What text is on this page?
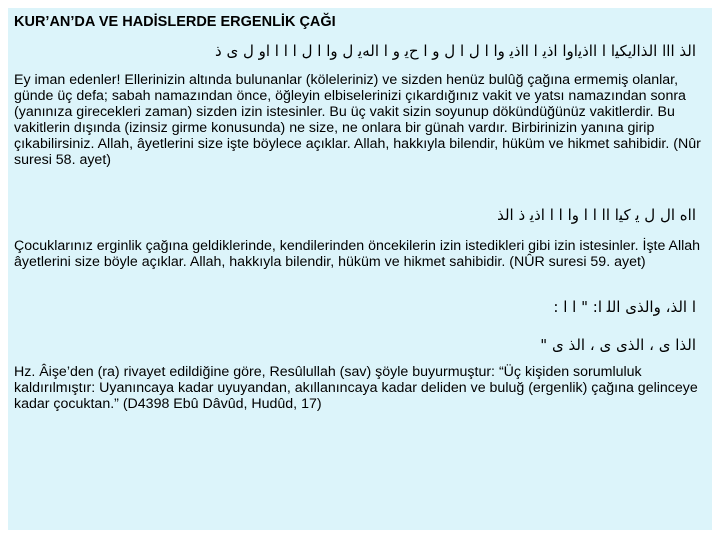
KUR’AN’DA VE HADİSLERDE ERGENLİK ÇAĞI
ﺍﻟﺬ ﺍﺍﺍ ﺍﻟﺬﺍﻟﻳﻜﻴﺍ ﺍ ﺍﺍﺫﻳﺍﻭﺍ ﺍﺫﻳ ﺍ ﺍﺍﺫﻳ ﻭﺍ ﺍ ﻝ ﺍ ﻝ ﻭ ﺍ ﺡﻳ ﻭ ﺍ ﺍﻟﻪﻳ ﻝ ﻭﺍ ﺍ ﻝ ﺍ ﺍ ﺍ ﺍﻭ ﻝ ﻯ ﺫ

Ey iman edenler! Ellerinizin altında bulunanlar (köleleriniz) ve sizden henüz bulûğ çağına ermemiş olanlar, günde üç defa; sabah namazından önce, öğleyin elbiselerinizi çıkardığınız vakit ve yatsı namazından sonra (yanınıza girecekleri zaman) sizden izin istesinler. Bu üç vakit sizin soyunup dökündüğünüz vakitlerdir. Bu vakitlerin dışında (izinsiz girme konusunda) ne size, ne onlara bir günah vardır. Birbirinizin yanına girip çıkabilirsiniz. Allah, âyetlerini size işte böylece açıklar. Allah, hakkıyla bilendir, hüküm ve hikmet sahibidir. (Nûr suresi 58. ayet)

ﺍﺍﻩ ﺍﻝ ﻝ ﻳ ﻛﻴﺍ ﺍﺍ ﺍ ﺍ ﻭﺍ ﺍ ﺍ ﺍﺫﻳ ﺫ ﺍﻟﺬ

Çocuklarınız erginlik çağına geldiklerinde, kendilerinden öncekilerin izin istedikleri gibi izin istesinler. İşte Allah âyetlerini size böyle açıklar. Allah, hakkıyla bilendir, hüküm ve hikmet sahibidir. (NÛR suresi 59. ayet)

ﺍ ﺍﻟﺬ، ﻭﺍﻟﺬﻯ ﺍﻟﻠ ﺍ: " ﺍ ﺍ :
ﺍﻟﺬﺍ ﻯ ، ﺍﻟﺬﻯ ﻯ ، ﺍﻟﺬ ﻯ "

Hz. Âişe’den (ra) rivayet edildiğine göre, Resûlullah (sav) şöyle buyurmuştur: “Üç kişiden sorumluluk kaldırılmıştır: Uyanıncaya kadar uyuyandan, akıllanıncaya kadar deliden ve buluğ (ergenlik) çağına gelinceye kadar çocuktan.” (D4398 Ebû Dâvûd, Hudûd, 17)
